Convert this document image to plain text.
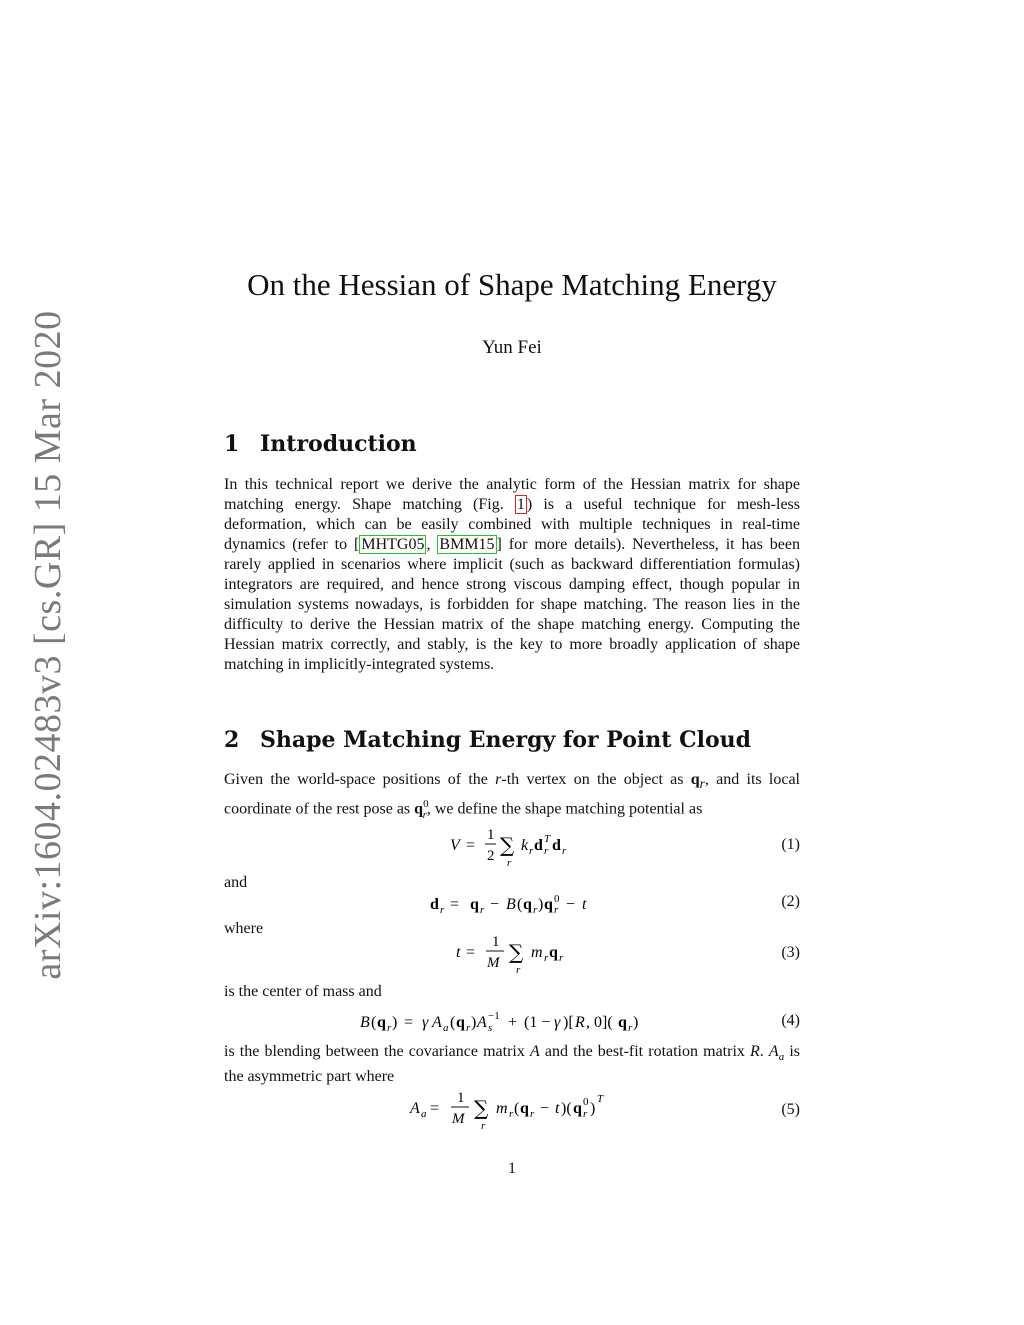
arXiv:1604.02483v3 [cs.GR] 15 Mar 2020
On the Hessian of Shape Matching Energy
Yun Fei
1 Introduction
In this technical report we derive the analytic form of the Hessian matrix for shape matching energy. Shape matching (Fig. 1 ) is a useful technique for mesh-less deformation, which can be easily combined with multiple techniques in real-time dynamics (refer to [ MHTG05 , BMM15 ] for more details). Nevertheless, it has been rarely applied in scenarios where implicit (such as backward differentiation formulas) integrators are required, and hence strong viscous damping effect, though popular in simulation systems nowadays, is forbidden for shape matching. The reason lies in the difficulty to derive the Hessian matrix of the shape matching energy. Computing the Hessian matrix correctly, and stably, is the key to more broadly application of shape matching in implicitly-integrated systems.
2 Shape Matching Energy for Point Cloud
Given the world-space positions of the r-th vertex on the object as $q_r$, and its local coordinate of the rest pose as $q^0_r$, we define the shape matching potential as
V =
1
2 ∑
r
k r d T
r d r	(1)
and
d r = q r − B ( q r ) q 0
r − t	(2)
where
t =
1
M ∑
r
m r q r	(3)
is the center of mass and
B ( q r ) = γ A a ( q r ) A −1
s + (1 − γ )[ R , 0]( q r )	(4)
is the blending between the covariance matrix A and the best-fit rotation matrix R. $A_a$ is the asymmetric part where
A a =
1
M ∑
r
m r ( q r − t )( q 0
r )
T
(5)
1
